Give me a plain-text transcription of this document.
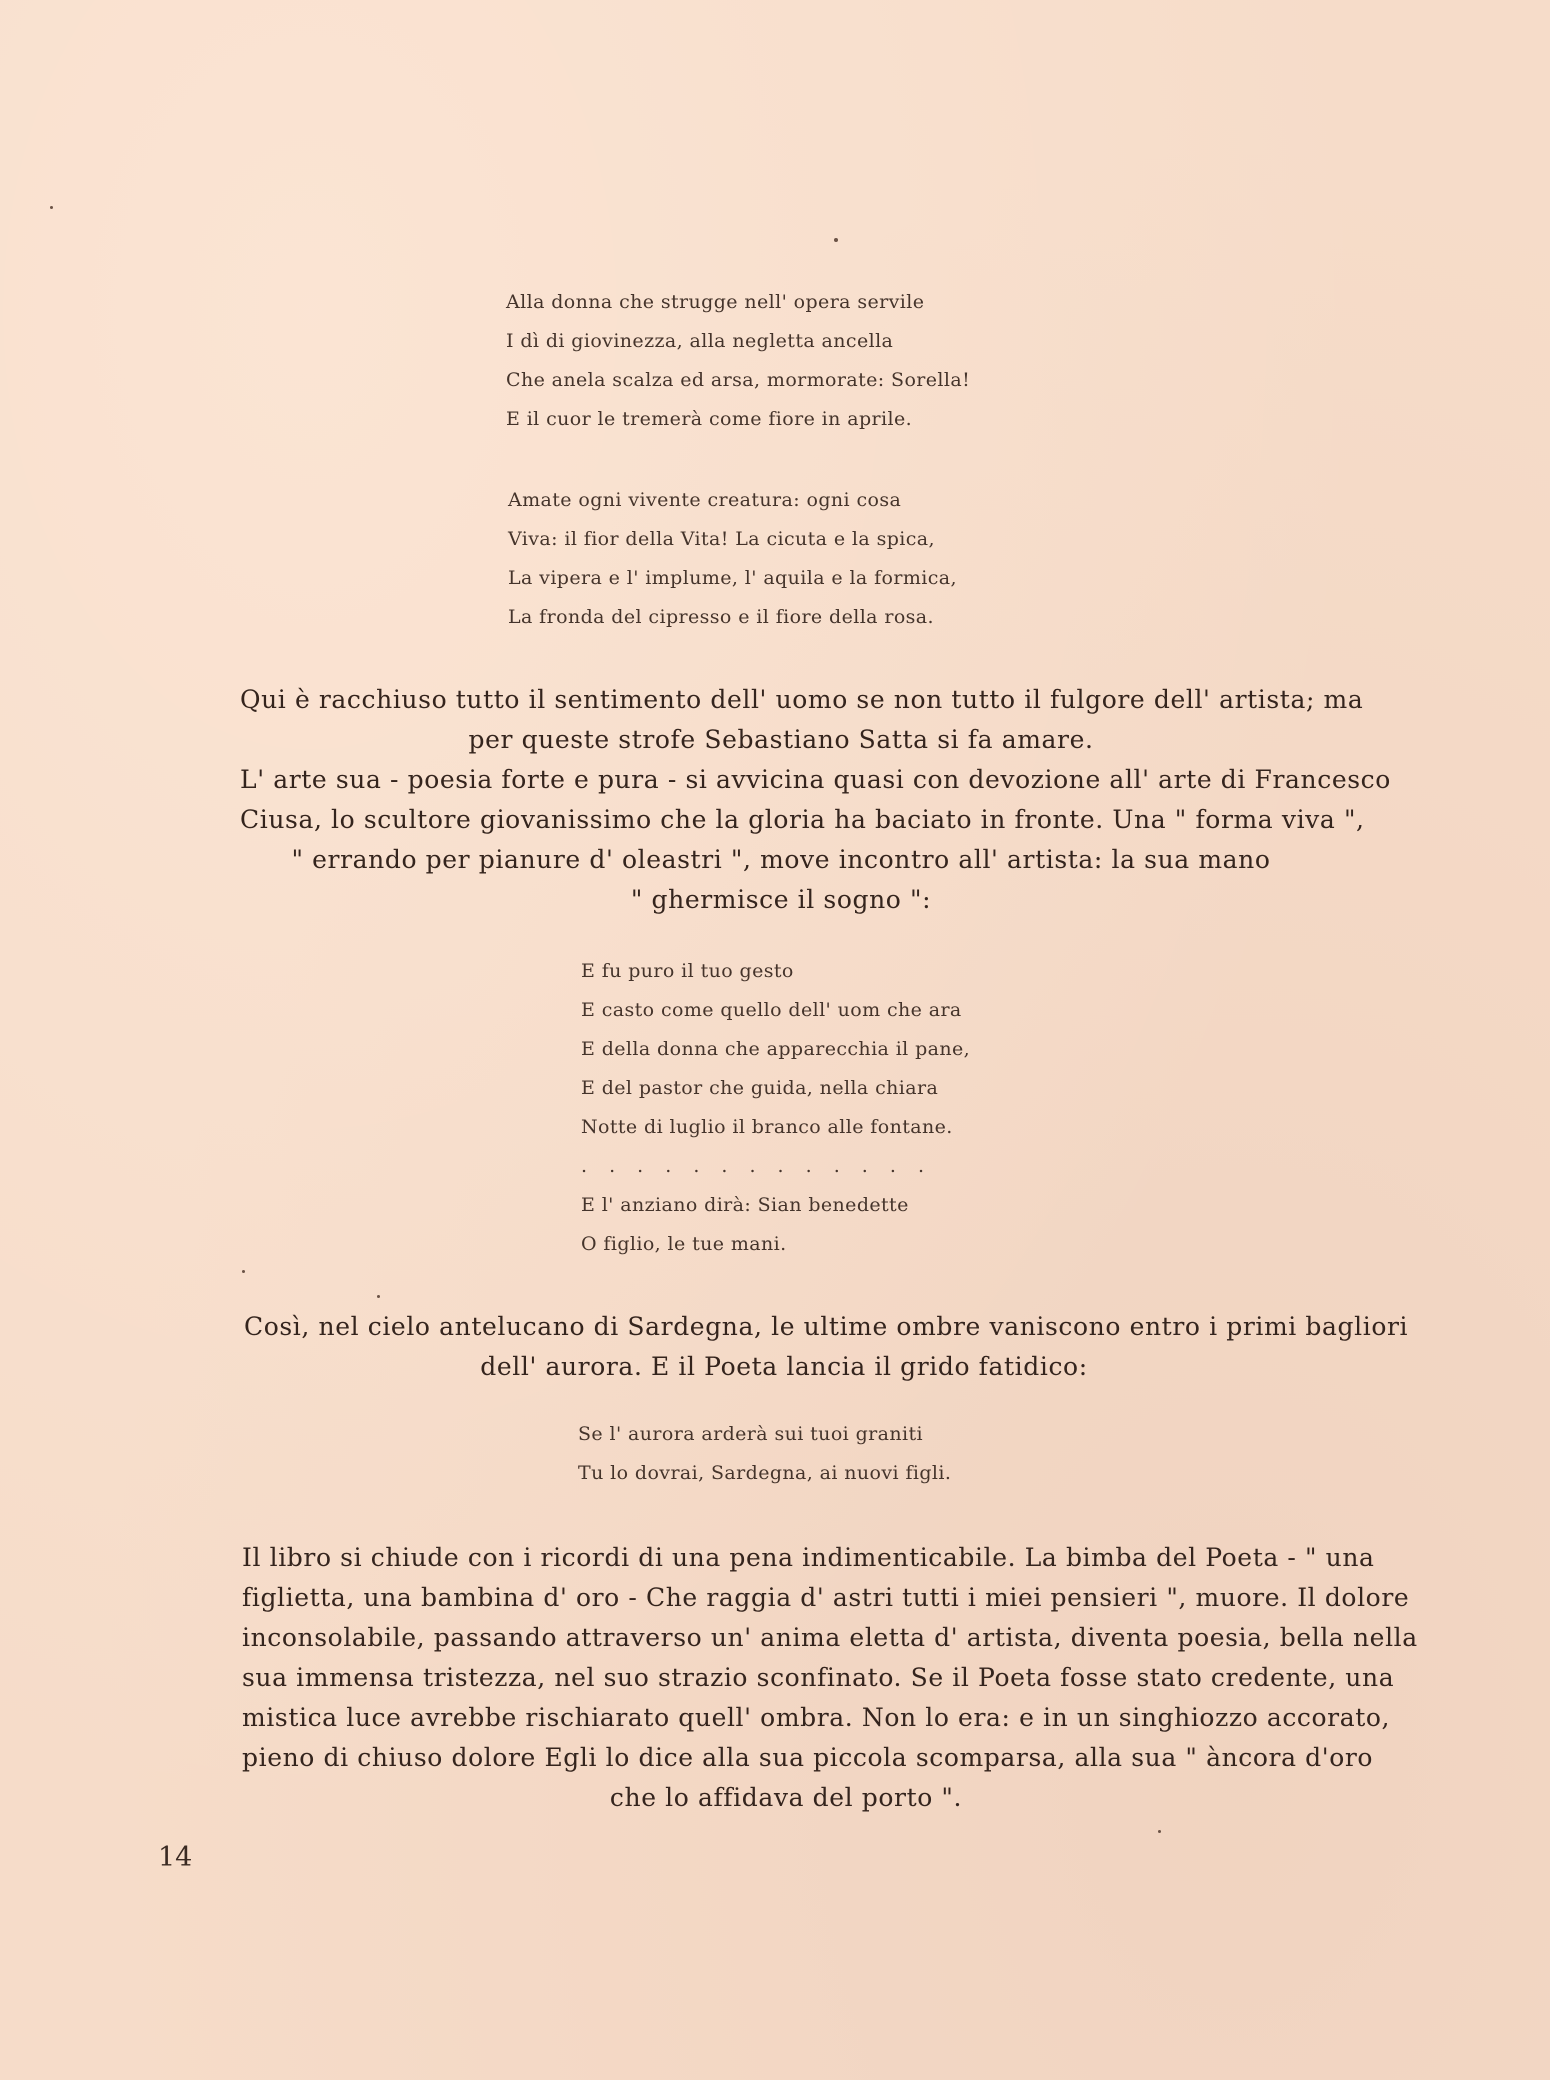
Alla donna che strugge nell' opera servile
I dì di giovinezza, alla negletta ancella
Che anela scalza ed arsa, mormorate: Sorella!
E il cuor le tremerà come fiore in aprile.
Amate ogni vivente creatura: ogni cosa
Viva: il fior della Vita! La cicuta e la spica,
La vipera e l' implume, l' aquila e la formica,
La fronda del cipresso e il fiore della rosa.
Qui è racchiuso tutto il sentimento dell' uomo se non tutto il fulgore dell' artista; ma
per queste strofe Sebastiano Satta si fa amare.
L' arte sua - poesia forte e pura - si avvicina quasi con devozione all' arte di Francesco
Ciusa, lo scultore giovanissimo che la gloria ha baciato in fronte. Una " forma viva ",
" errando per pianure d' oleastri ", move incontro all' artista: la sua mano
" ghermisce il sogno ":
E fu puro il tuo gesto
E casto come quello dell' uom che ara
E della donna che apparecchia il pane,
E del pastor che guida, nella chiara
Notte di luglio il branco alle fontane.
. . . . . . . . . . . . .
E l' anziano dirà: Sian benedette
O figlio, le tue mani.
Così, nel cielo antelucano di Sardegna, le ultime ombre vaniscono entro i primi bagliori
dell' aurora. E il Poeta lancia il grido fatidico:
Se l' aurora arderà sui tuoi graniti
Tu lo dovrai, Sardegna, ai nuovi figli.
Il libro si chiude con i ricordi di una pena indimenticabile. La bimba del Poeta - " una
figlietta, una bambina d' oro - Che raggia d' astri tutti i miei pensieri ", muore. Il dolore
inconsolabile, passando attraverso un' anima eletta d' artista, diventa poesia, bella nella
sua immensa tristezza, nel suo strazio sconfinato. Se il Poeta fosse stato credente, una
mistica luce avrebbe rischiarato quell' ombra. Non lo era: e in un singhiozzo accorato,
pieno di chiuso dolore Egli lo dice alla sua piccola scomparsa, alla sua " àncora d'oro
che lo affidava del porto ".
14
